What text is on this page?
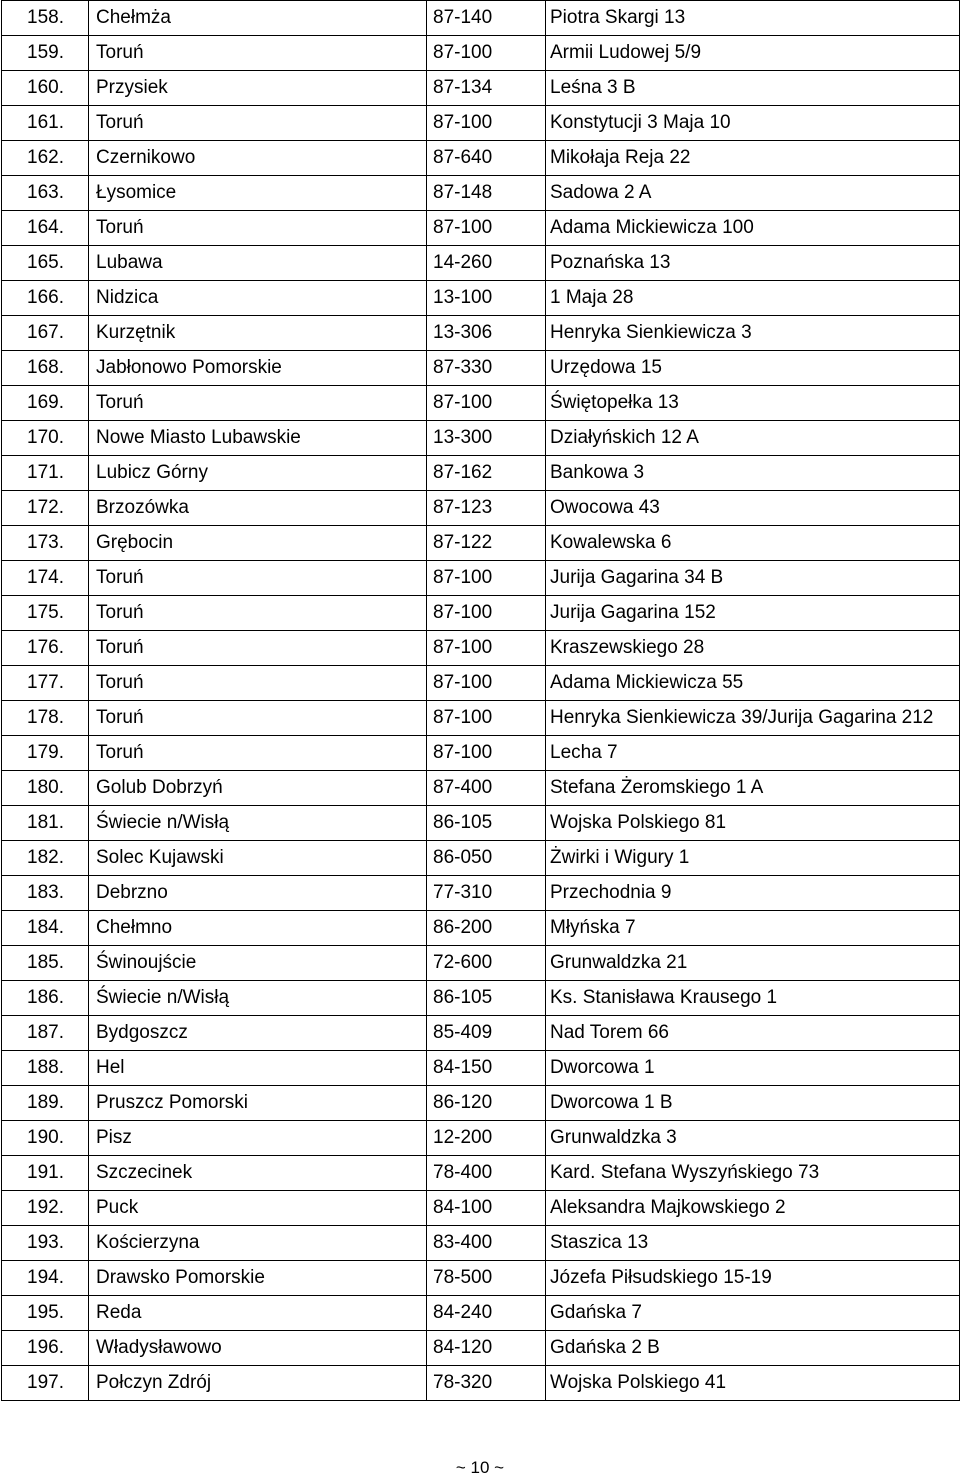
158.	Chełmża	87-140	Piotra Skargi 13
159.	Toruń	87-100	Armii Ludowej 5/9
160.	Przysiek	87-134	Leśna 3 B
161.	Toruń	87-100	Konstytucji 3 Maja 10
162.	Czernikowo	87-640	Mikołaja Reja 22
163.	Łysomice	87-148	Sadowa 2 A
164.	Toruń	87-100	Adama Mickiewicza 100
165.	Lubawa	14-260	Poznańska 13
166.	Nidzica	13-100	1 Maja 28
167.	Kurzętnik	13-306	Henryka Sienkiewicza 3
168.	Jabłonowo Pomorskie	87-330	Urzędowa 15
169.	Toruń	87-100	Świętopełka 13
170.	Nowe Miasto Lubawskie	13-300	Działyńskich 12 A
171.	Lubicz Górny	87-162	Bankowa 3
172.	Brzozówka	87-123	Owocowa 43
173.	Grębocin	87-122	Kowalewska 6
174.	Toruń	87-100	Jurija Gagarina 34 B
175.	Toruń	87-100	Jurija Gagarina 152
176.	Toruń	87-100	Kraszewskiego 28
177.	Toruń	87-100	Adama Mickiewicza 55
178.	Toruń	87-100	Henryka Sienkiewicza 39/Jurija Gagarina 212
179.	Toruń	87-100	Lecha 7
180.	Golub Dobrzyń	87-400	Stefana Żeromskiego 1 A
181.	Świecie n/Wisłą	86-105	Wojska Polskiego 81
182.	Solec Kujawski	86-050	Żwirki i Wigury 1
183.	Debrzno	77-310	Przechodnia 9
184.	Chełmno	86-200	Młyńska 7
185.	Świnoujście	72-600	Grunwaldzka 21
186.	Świecie n/Wisłą	86-105	Ks. Stanisława Krausego 1
187.	Bydgoszcz	85-409	Nad Torem 66
188.	Hel	84-150	Dworcowa 1
189.	Pruszcz Pomorski	86-120	Dworcowa 1 B
190.	Pisz	12-200	Grunwaldzka 3
191.	Szczecinek	78-400	Kard. Stefana Wyszyńskiego 73
192.	Puck	84-100	Aleksandra Majkowskiego 2
193.	Kościerzyna	83-400	Staszica 13
194.	Drawsko Pomorskie	78-500	Józefa Piłsudskiego 15-19
195.	Reda	84-240	Gdańska 7
196.	Władysławowo	84-120	Gdańska 2 B
197.	Połczyn Zdrój	78-320	Wojska Polskiego 41
~ 10 ~
